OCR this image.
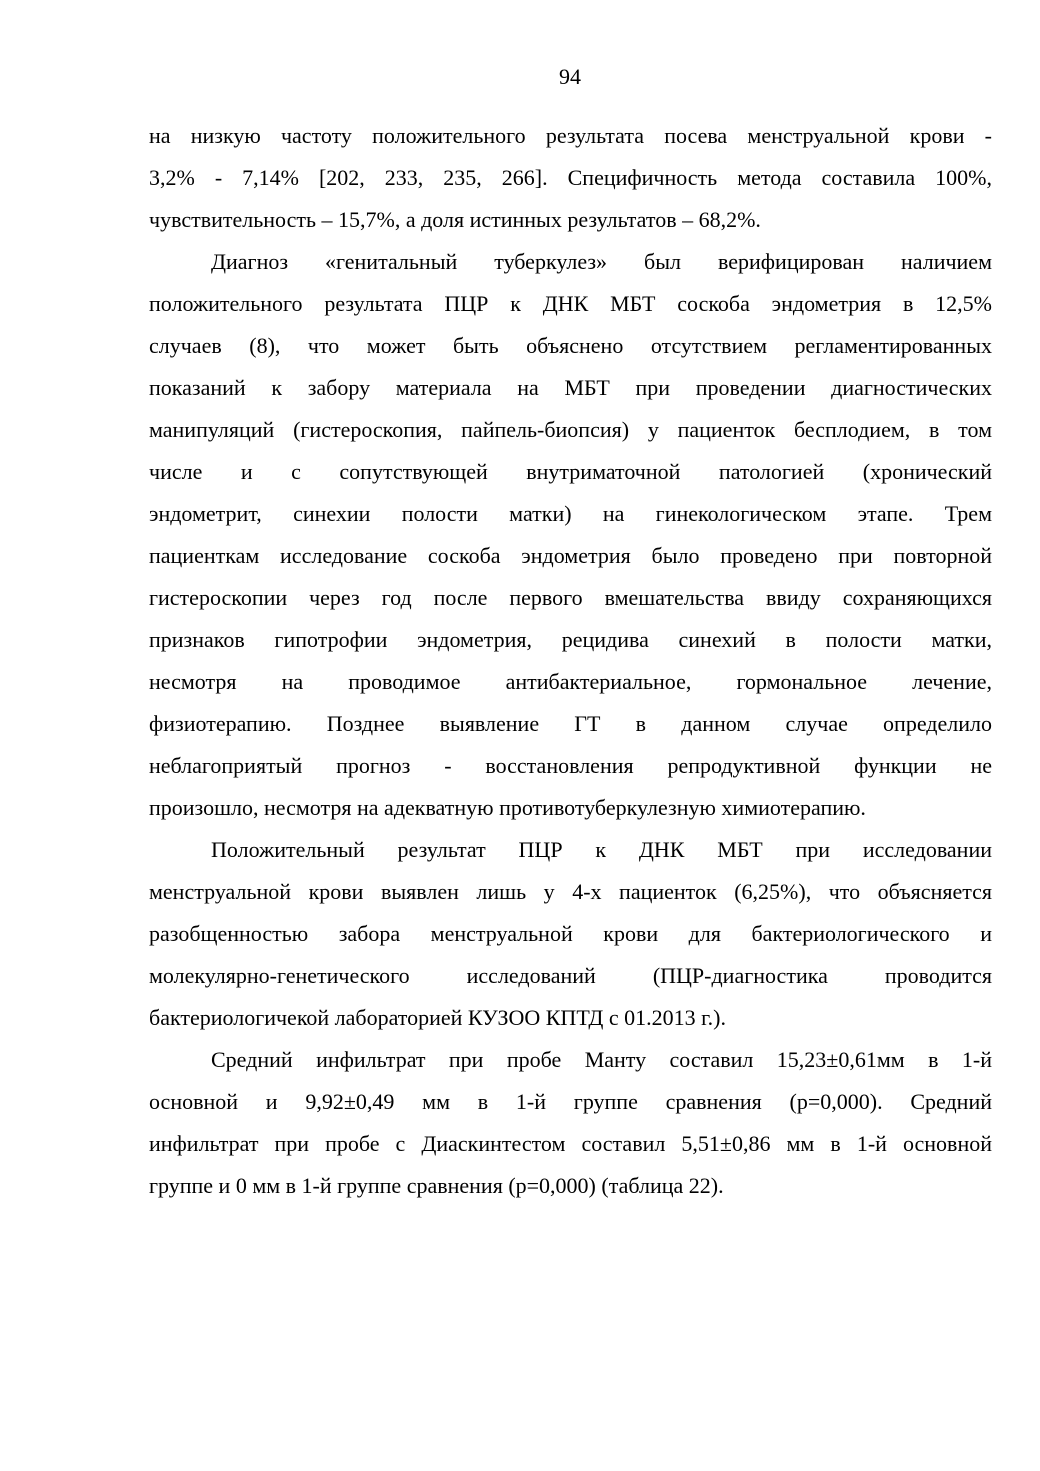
94
на низкую частоту положительного результата посева менструальной крови -
3,2% - 7,14% [202, 233, 235, 266]. Специфичность метода составила 100%,
чувствительность – 15,7%, а доля истинных результатов – 68,2%.
Диагноз «генитальный туберкулез» был верифицирован наличием
положительного результата ПЦР к ДНК МБТ соскоба эндометрия в 12,5%
случаев (8), что может быть объяснено отсутствием регламентированных
показаний к забору материала на МБТ при проведении диагностических
манипуляций (гистероскопия, пайпель-биопсия) у пациенток бесплодием, в том
числе и с сопутствующей внутриматочной патологией (хронический
эндометрит, синехии полости матки) на гинекологическом этапе. Трем
пациенткам исследование соскоба эндометрия было проведено при повторной
гистероскопии через год после первого вмешательства ввиду сохраняющихся
признаков гипотрофии эндометрия, рецидива синехий в полости матки,
несмотря на проводимое антибактериальное, гормональное лечение,
физиотерапию. Позднее выявление ГТ в данном случае определило
неблагоприятый прогноз - восстановления репродуктивной функции не
произошло, несмотря на адекватную противотуберкулезную химиотерапию.
Положительный результат ПЦР к ДНК МБТ при исследовании
менструальной крови выявлен лишь у 4-х пациенток (6,25%), что объясняется
разобщенностью забора менструальной крови для бактериологического и
молекулярно-генетического исследований (ПЦР-диагностика проводится
бактериологичекой лабораторией КУЗОО КПТД с 01.2013 г.).
Средний инфильтрат при пробе Манту составил 15,23±0,61мм в 1-й
основной и 9,92±0,49 мм в 1-й группе сравнения (р=0,000). Средний
инфильтрат при пробе с Диаскинтестом составил 5,51±0,86 мм в 1-й основной
группе и 0 мм в 1-й группе сравнения (р=0,000) (таблица 22).
